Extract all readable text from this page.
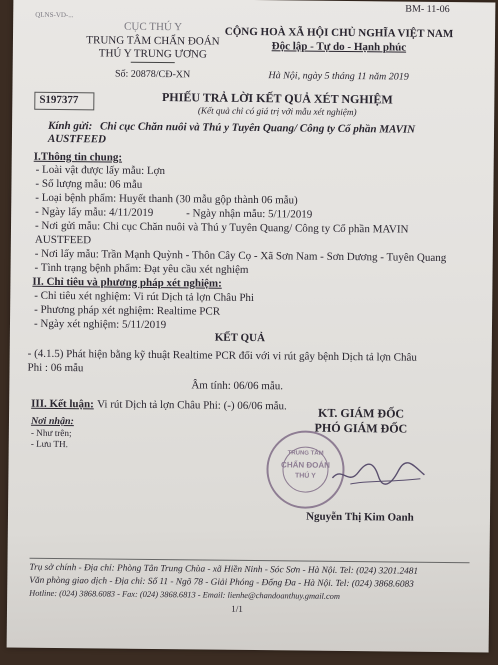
BM- 11-06
QLNS-VD-...
CỤC THÚ Y
TRUNG TÂM CHẨN ĐOÁN
THÚ Y TRUNG ƯƠNG
Số: 20878/CĐ-XN
CỘNG HOÀ XÃ HỘI CHỦ NGHĨA VIỆT NAM
Độc lập - Tự do - Hạnh phúc
Hà Nội, ngày 5 tháng 11 năm 2019
S197377	PHIẾU TRẢ LỜI KẾT QUẢ XÉT NGHIỆM
(Kết quả chỉ có giá trị với mẫu xét nghiệm)
Kính gửi: Chi cục Chăn nuôi và Thú y Tuyên Quang/ Công ty Cổ phần MAVIN
AUSTFEED
I.Thông tin chung:
- Loài vật được lấy mẫu: Lợn
- Số lượng mẫu: 06 mẫu
- Loại bệnh phẩm: Huyết thanh (30 mẫu gộp thành 06 mẫu)
- Ngày lấy mẫu: 4/11/2019	- Ngày nhận mẫu: 5/11/2019
- Nơi gửi mẫu: Chi cục Chăn nuôi và Thú y Tuyên Quang/ Công ty Cổ phần MAVIN
AUSTFEED
- Nơi lấy mẫu: Trần Mạnh Quỳnh - Thôn Cây Cọ - Xã Sơn Nam - Sơn Dương - Tuyên Quang
- Tình trạng bệnh phẩm: Đạt yêu cầu xét nghiệm
II. Chỉ tiêu và phương pháp xét nghiệm:
- Chỉ tiêu xét nghiệm: Vi rút Dịch tả lợn Châu Phi
- Phương pháp xét nghiệm: Realtime PCR
- Ngày xét nghiệm: 5/11/2019
KẾT QUẢ
- (4.1.5) Phát hiện bằng kỹ thuật Realtime PCR đối với vi rút gây bệnh Dịch tả lợn Châu
Phi : 06 mẫu
Âm tính: 06/06 mẫu.
III. Kết luận: Vi rút Dịch tả lợn Châu Phi: (-) 06/06 mẫu.
Nơi nhận:
- Như trên;
- Lưu TH.
KT. GIÁM ĐỐC
PHÓ GIÁM ĐỐC
TRUNG TÂM
CHẨN ĐOÁN
THÚ Y
Nguyễn Thị Kim Oanh
Trụ sở chính - Địa chỉ: Phòng Tân Trung Chùa - xã Hiền Ninh - Sóc Sơn - Hà Nội. Tel: (024) 3201.2481
Văn phòng giao dịch - Địa chỉ: Số 11 - Ngõ 78 - Giải Phóng - Đống Đa - Hà Nội. Tel: (024) 3868.6083
Hotline: (024) 3868.6083 - Fax: (024) 3868.6813 - Email: lienhe@chandoanthuy.gmail.com
1/1
